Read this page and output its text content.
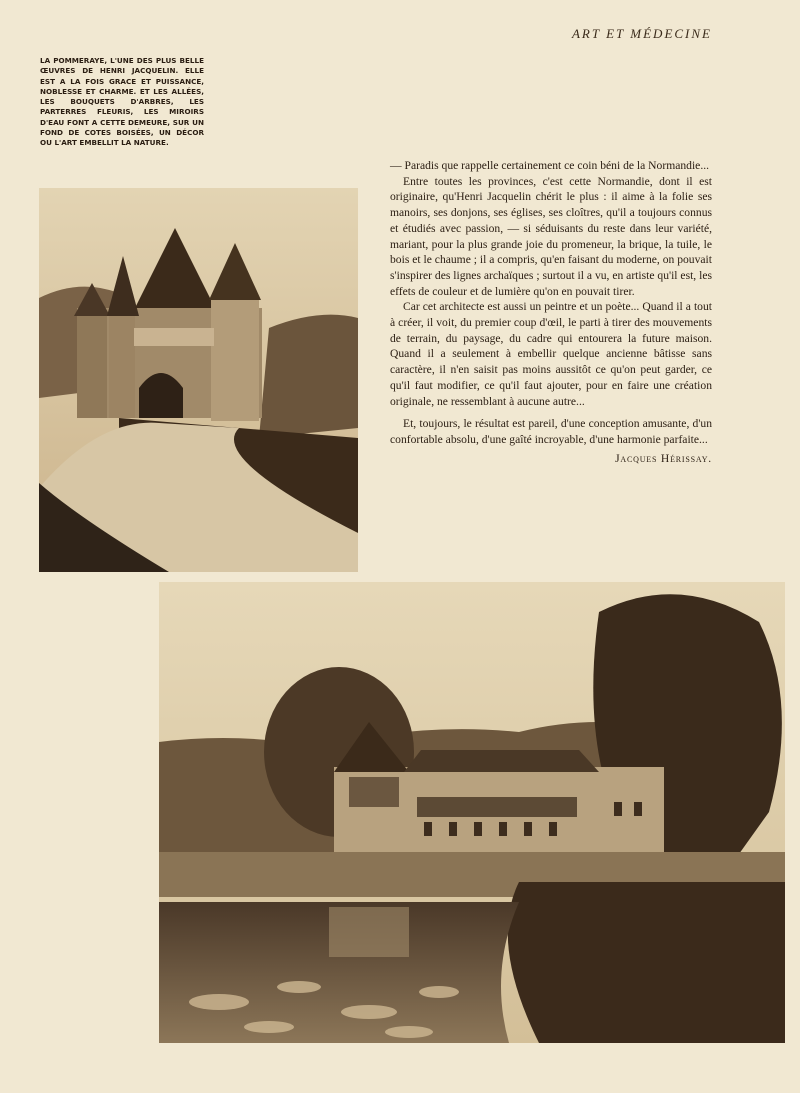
ART ET MÉDECINE
LA POMMERAYE, L'UNE DES PLUS BELLE ŒUVRES DE HENRI JACQUELIN. ELLE EST A LA FOIS GRACE ET PUISSANCE, NOBLESSE ET CHARME. ET LES ALLÉES, LES BOUQUETS D'ARBRES, LES PARTERRES FLEURIS, LES MIROIRS D'EAU FONT A CETTE DEMEURE, SUR UN FOND DE COTES BOISÉES, UN DÉCOR OU L'ART EMBELLIT LA NATURE.

— Paradis que rappelle certainement ce coin béni de la Normandie...

Entre toutes les provinces, c'est cette Normandie, dont il est originaire, qu'Henri Jacquelin chérit le plus : il aime à la folie ses manoirs, ses donjons, ses églises, ses cloîtres, qu'il a toujours connus et étudiés avec passion, — si séduisants du reste dans leur variété, mariant, pour la plus grande joie du promeneur, la brique, la tuile, le bois et le chaume ; il a compris, qu'en faisant du moderne, on pouvait s'inspirer des lignes archaïques ; surtout il a vu, en artiste qu'il est, les effets de couleur et de lumière qu'on en pouvait tirer.

Car cet architecte est aussi un peintre et un poète... Quand il a tout à créer, il voit, du premier coup d'œil, le parti à tirer des mouvements de terrain, du paysage, du cadre qui entourera la future maison. Quand il a seulement à embellir quelque ancienne bâtisse sans caractère, il n'en saisit pas moins aussitôt ce qu'on peut garder, ce qu'il faut modifier, ce qu'il faut ajouter, pour en faire une création originale, ne ressemblant à aucune autre...

Et, toujours, le résultat est pareil, d'une conception amusante, d'un confortable absolu, d'une gaîté incroyable, d'une harmonie parfaite...

Jacques Hérissay.
